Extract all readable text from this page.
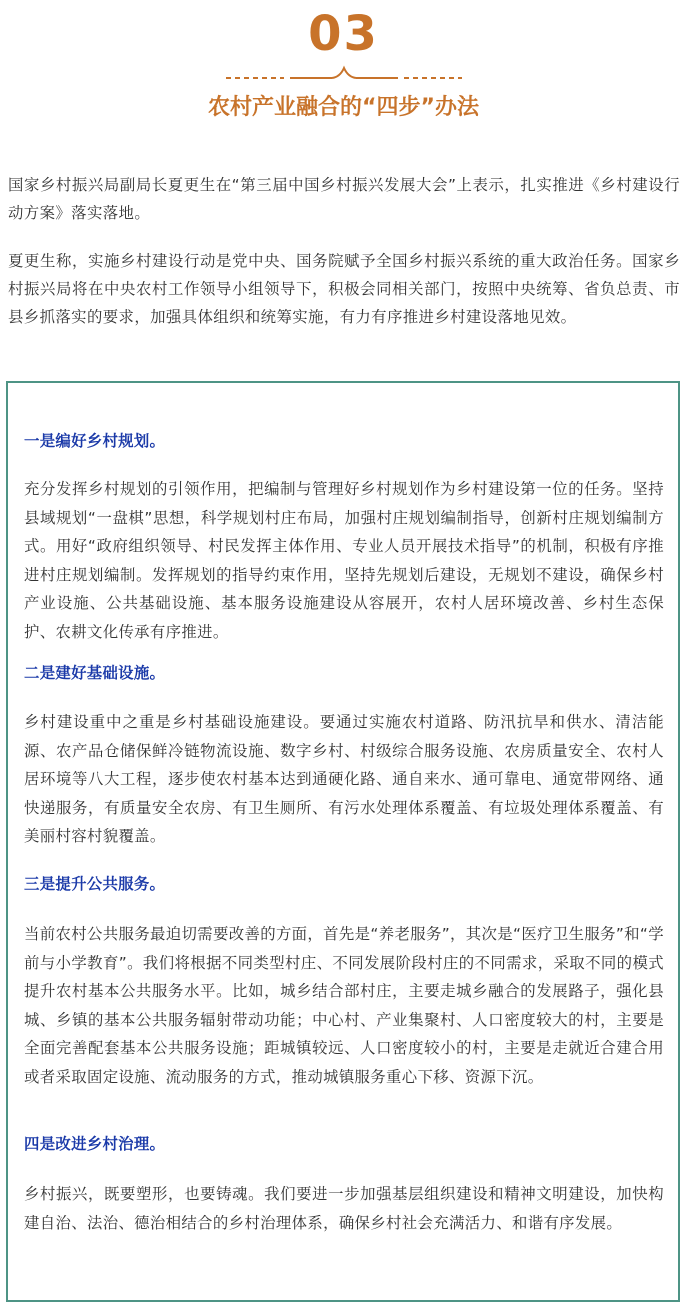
03
农村产业融合的“四步”办法

国家乡村振兴局副局长夏更生在“第三届中国乡村振兴发展大会”上表示，扎实推进《乡村建设行动方案》落实落地。

夏更生称，实施乡村建设行动是党中央、国务院赋予全国乡村振兴系统的重大政治任务。国家乡村振兴局将在中央农村工作领导小组领导下，积极会同相关部门，按照中央统筹、省负总责、市县乡抓落实的要求，加强具体组织和统筹实施，有力有序推进乡村建设落地见效。

一是编好乡村规划。

充分发挥乡村规划的引领作用，把编制与管理好乡村规划作为乡村建设第一位的任务。坚持县域规划“一盘棋”思想，科学规划村庄布局，加强村庄规划编制指导，创新村庄规划编制方式。用好“政府组织领导、村民发挥主体作用、专业人员开展技术指导”的机制，积极有序推进村庄规划编制。发挥规划的指导约束作用，坚持先规划后建设，无规划不建设，确保乡村产业设施、公共基础设施、基本服务设施建设从容展开，农村人居环境改善、乡村生态保护、农耕文化传承有序推进。

二是建好基础设施。

乡村建设重中之重是乡村基础设施建设。要通过实施农村道路、防汛抗旱和供水、清洁能源、农产品仓储保鲜冷链物流设施、数字乡村、村级综合服务设施、农房质量安全、农村人居环境等八大工程，逐步使农村基本达到通硬化路、通自来水、通可靠电、通宽带网络、通快递服务，有质量安全农房、有卫生厕所、有污水处理体系覆盖、有垃圾处理体系覆盖、有美丽村容村貌覆盖。

三是提升公共服务。

当前农村公共服务最迫切需要改善的方面，首先是“养老服务”，其次是“医疗卫生服务”和“学前与小学教育”。我们将根据不同类型村庄、不同发展阶段村庄的不同需求，采取不同的模式提升农村基本公共服务水平。比如，城乡结合部村庄，主要走城乡融合的发展路子，强化县城、乡镇的基本公共服务辐射带动功能；中心村、产业集聚村、人口密度较大的村，主要是全面完善配套基本公共服务设施；距城镇较远、人口密度较小的村，主要是走就近合建合用或者采取固定设施、流动服务的方式，推动城镇服务重心下移、资源下沉。

四是改进乡村治理。

乡村振兴，既要塑形，也要铸魂。我们要进一步加强基层组织建设和精神文明建设，加快构建自治、法治、德治相结合的乡村治理体系，确保乡村社会充满活力、和谐有序发展。
